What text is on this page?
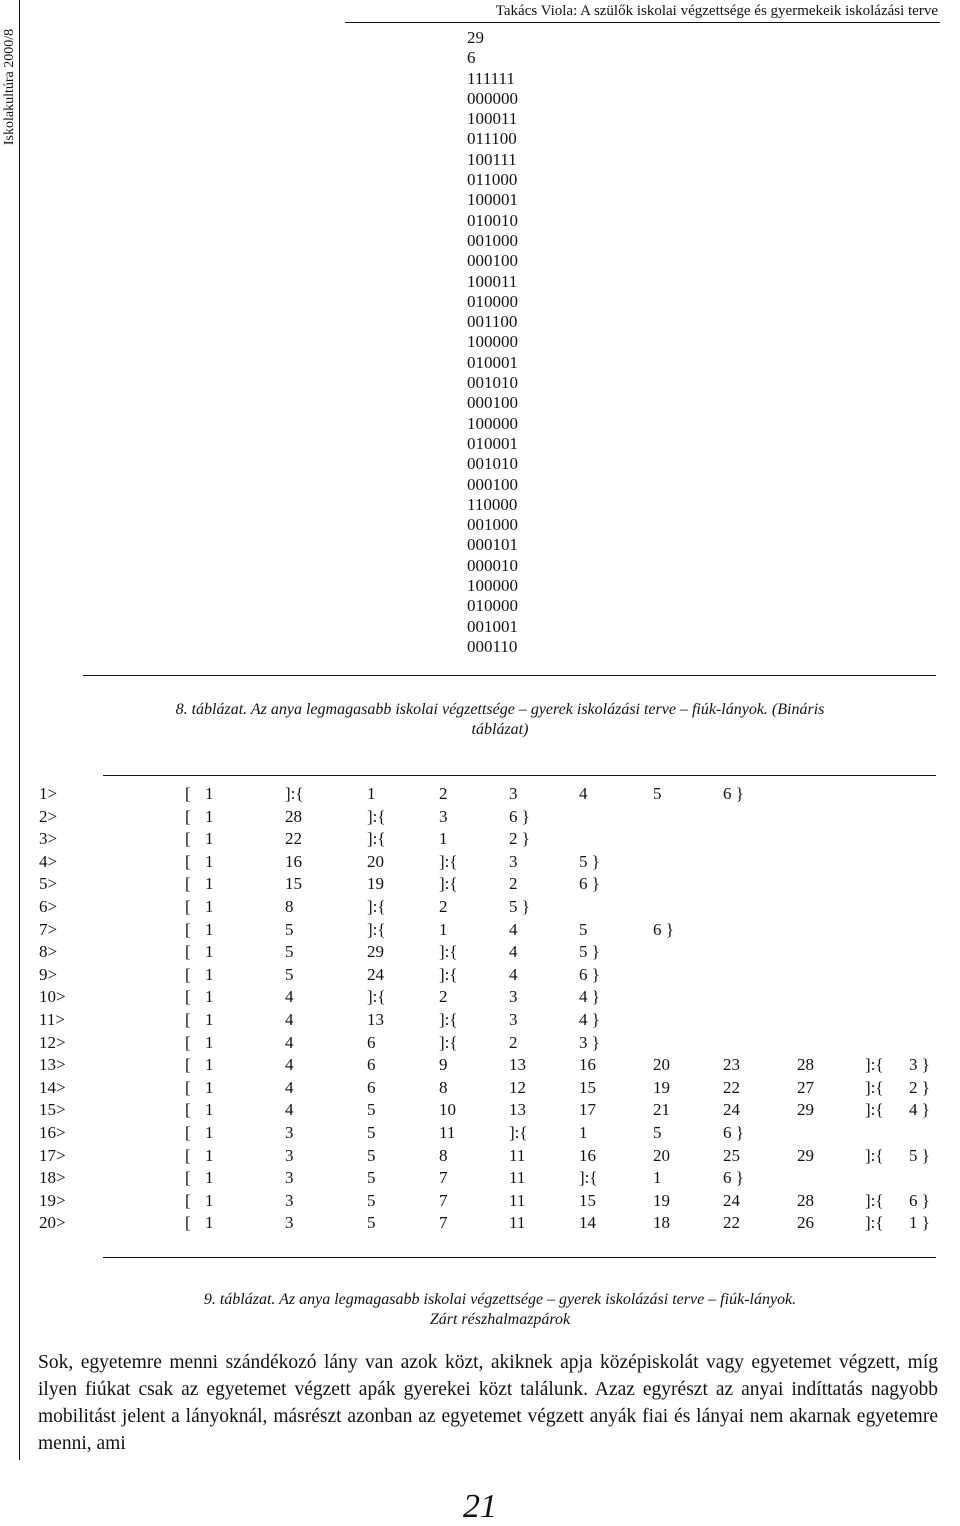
Iskolakultúra 2000/8
Takács Viola: A szülők iskolai végzettsége és gyermekeik iskolázási terve
29
6
111111
000000
100011
011100
100111
011000
100001
010010
001000
000100
100011
010000
001100
100000
010001
001010
000100
100000
010001
001010
000100
110000
001000
000101
000010
100000
010000
001001
000110
8. táblázat. Az anya legmagasabb iskolai végzettsége – gyerek iskolázási terve – fiúk-lányok. (Bináris
táblázat)
1>	[ 1	]:{	1	2	3	4	5	6 }
2>	[ 1	28	]:{	3	6 }
3>	[ 1	22	]:{	1	2 }
4>	[ 1	16	20	]:{	3	5 }
5>	[ 1	15	19	]:{	2	6 }
6>	[ 1	8	]:{	2	5 }
7>	[ 1	5	]:{	1	4	5	6 }
8>	[ 1	5	29	]:{	4	5 }
9>	[ 1	5	24	]:{	4	6 }
10>	[ 1	4	]:{	2	3	4 }
11>	[ 1	4	13	]:{	3	4 }
12>	[ 1	4	6	]:{	2	3 }
13>	[ 1	4	6	9	13	16	20	23	28	]:{ 3 }
14>	[ 1	4	6	8	12	15	19	22	27	]:{ 2 }
15>	[ 1	4	5	10	13	17	21	24	29	]:{ 4 }
16>	[ 1	3	5	11	]:{	1	5	6 }
17>	[ 1	3	5	8	11	16	20	25	29	]:{ 5 }
18>	[ 1	3	5	7	11	]:{	1	6 }
19>	[ 1	3	5	7	11	15	19	24	28	]:{ 6 }
20>	[ 1	3	5	7	11	14	18	22	26	]:{ 1 }
9. táblázat. Az anya legmagasabb iskolai végzettsége – gyerek iskolázási terve – fiúk-lányok.
Zárt részhalmazpárok

Sok, egyetemre menni szándékozó lány van azok közt, akiknek apja középiskolát vagy egyetemet végzett, míg ilyen fiúkat csak az egyetemet végzett apák gyerekei közt találunk. Azaz egyrészt az anyai indíttatás nagyobb mobilitást jelent a lányoknál, másrészt azonban az egyetemet végzett anyák fiai és lányai nem akarnak egyetemre menni, ami

21
